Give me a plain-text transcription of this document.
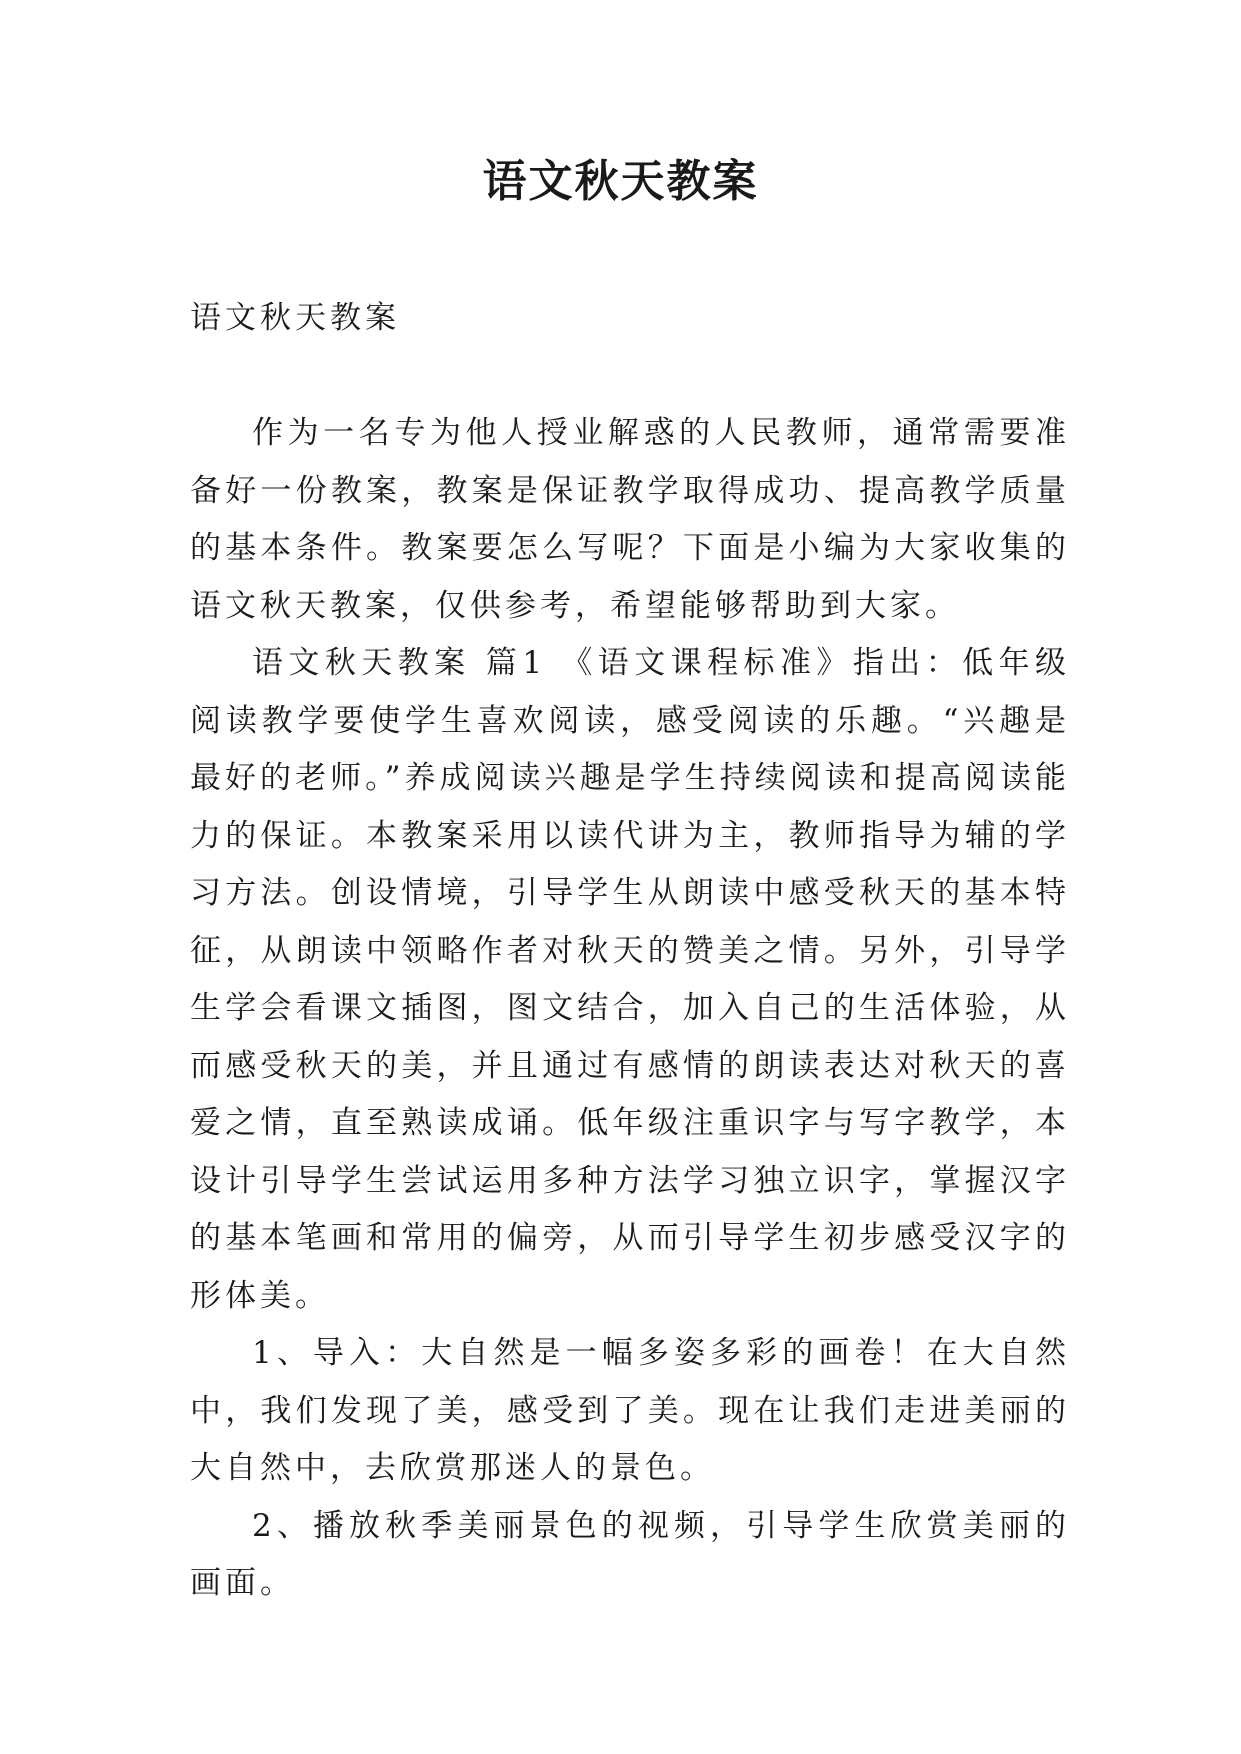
语文秋天教案

语文秋天教案

作为一名专为他人授业解惑的人民教师，通常需要准备好一份教案，教案是保证教学取得成功、提高教学质量的基本条件。教案要怎么写呢？下面是小编为大家收集的语文秋天教案，仅供参考，希望能够帮助到大家。

语文秋天教案 篇1 《语文课程标准》指出：低年级阅读教学要使学生喜欢阅读，感受阅读的乐趣。“兴趣是最好的老师。”养成阅读兴趣是学生持续阅读和提高阅读能力的保证。本教案采用以读代讲为主，教师指导为辅的学习方法。创设情境，引导学生从朗读中感受秋天的基本特征，从朗读中领略作者对秋天的赞美之情。另外，引导学生学会看课文插图，图文结合，加入自己的生活体验，从而感受秋天的美，并且通过有感情的朗读表达对秋天的喜爱之情，直至熟读成诵。低年级注重识字与写字教学，本设计引导学生尝试运用多种方法学习独立识字，掌握汉字的基本笔画和常用的偏旁，从而引导学生初步感受汉字的形体美。

1、导入：大自然是一幅多姿多彩的画卷！在大自然中，我们发现了美，感受到了美。现在让我们走进美丽的大自然中，去欣赏那迷人的景色。

2、播放秋季美丽景色的视频，引导学生欣赏美丽的画面。
